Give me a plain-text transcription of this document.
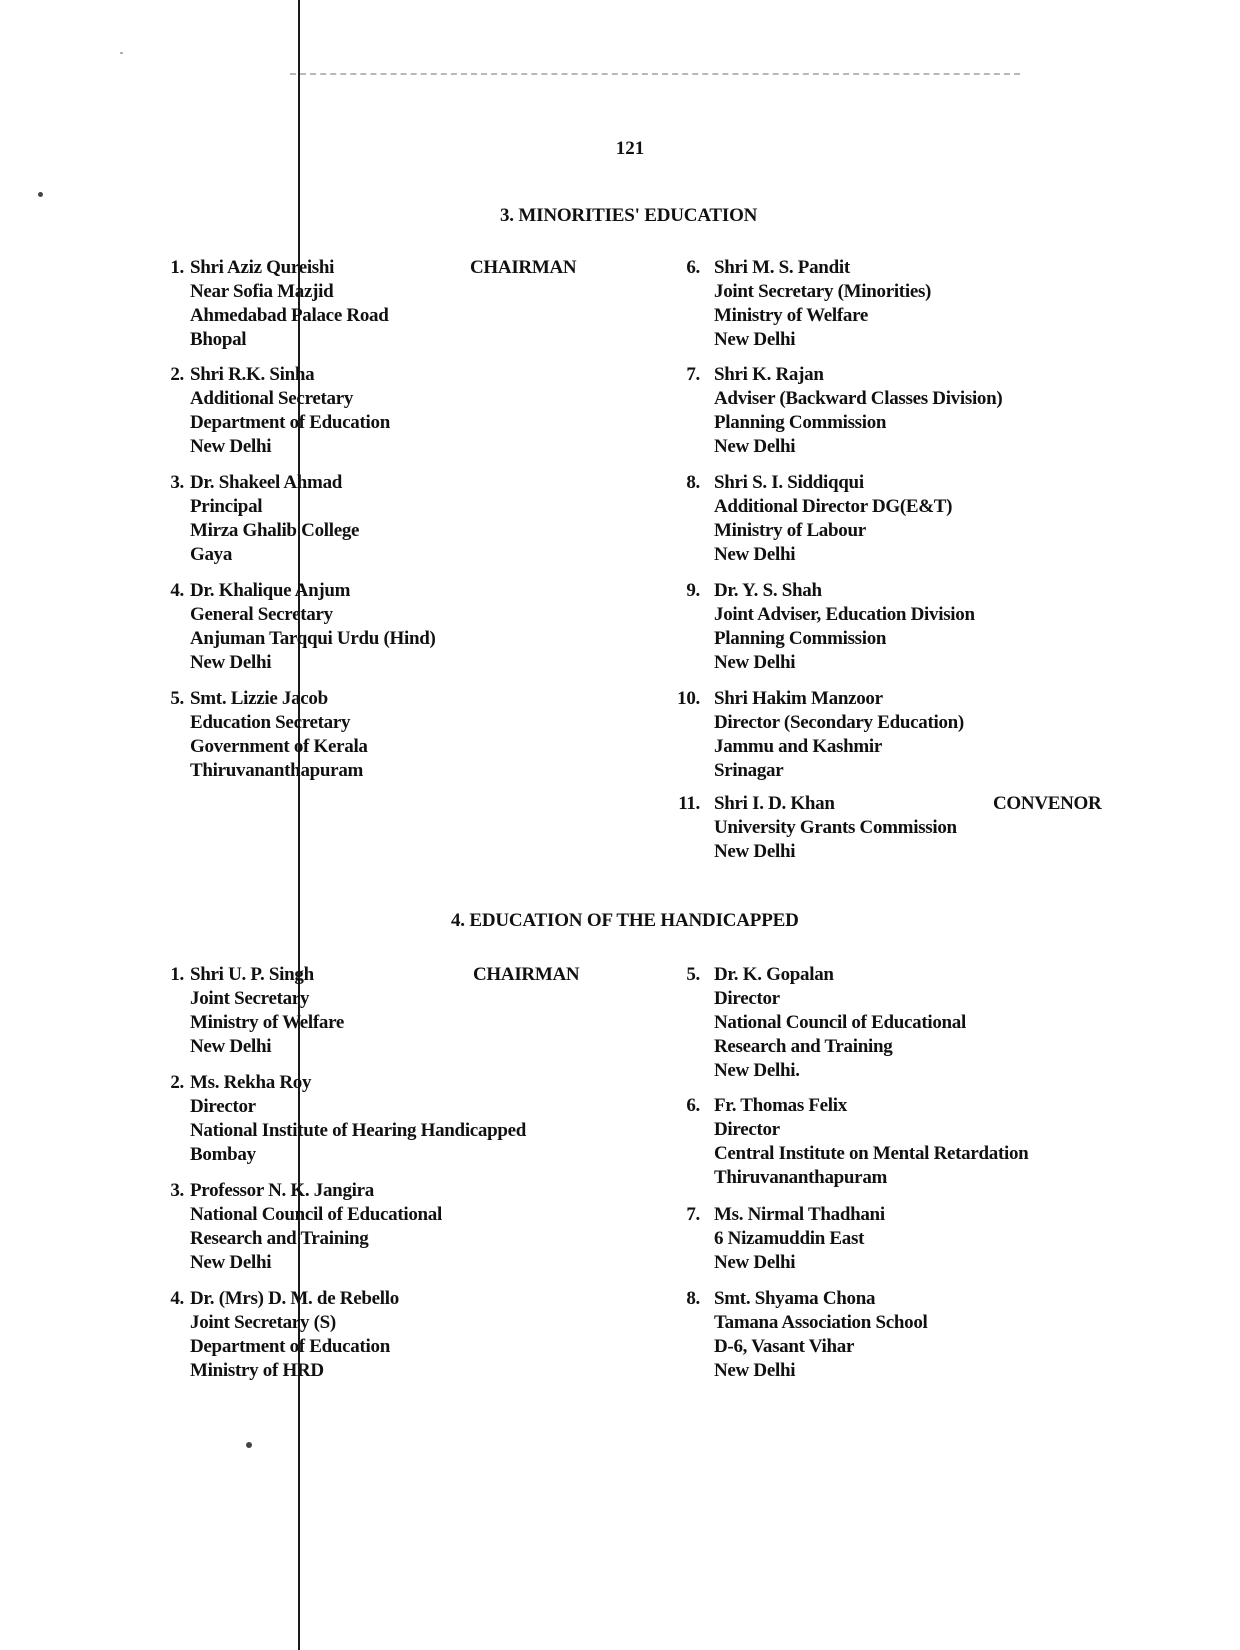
121
3. MINORITIES' EDUCATION
CHAIRMAN
CONVENOR
1. Shri Aziz Qureishi
Near Sofia Mazjid
Ahmedabad Palace Road
Bhopal
2. Shri R.K. Sinha
Additional Secretary
Department of Education
New Delhi
3. Dr. Shakeel Ahmad
Principal
Mirza Ghalib College
Gaya
4. Dr. Khalique Anjum
General Secretary
Anjuman Tarqqui Urdu (Hind)
New Delhi
5. Smt. Lizzie Jacob
Education Secretary
Government of Kerala
Thiruvananthapuram
6. Shri M. S. Pandit
Joint Secretary (Minorities)
Ministry of Welfare
New Delhi
7. Shri K. Rajan
Adviser (Backward Classes Division)
Planning Commission
New Delhi
8. Shri S. I. Siddiqqui
Additional Director DG(E&T)
Ministry of Labour
New Delhi
9. Dr. Y. S. Shah
Joint Adviser, Education Division
Planning Commission
New Delhi
10. Shri Hakim Manzoor
Director (Secondary Education)
Jammu and Kashmir
Srinagar
11. Shri I. D. Khan
University Grants Commission
New Delhi
4. EDUCATION OF THE HANDICAPPED
CHAIRMAN
1. Shri U. P. Singh
Joint Secretary
Ministry of Welfare
New Delhi
2. Ms. Rekha Roy
Director
National Institute of Hearing Handicapped
Bombay
3. Professor N. K. Jangira
National Council of Educational
Research and Training
New Delhi
4. Dr. (Mrs) D. M. de Rebello
Joint Secretary (S)
Department of Education
Ministry of HRD
5. Dr. K. Gopalan
Director
National Council of Educational
Research and Training
New Delhi.
6. Fr. Thomas Felix
Director
Central Institute on Mental Retardation
Thiruvananthapuram
7. Ms. Nirmal Thadhani
6 Nizamuddin East
New Delhi
8. Smt. Shyama Chona
Tamana Association School
D-6, Vasant Vihar
New Delhi
